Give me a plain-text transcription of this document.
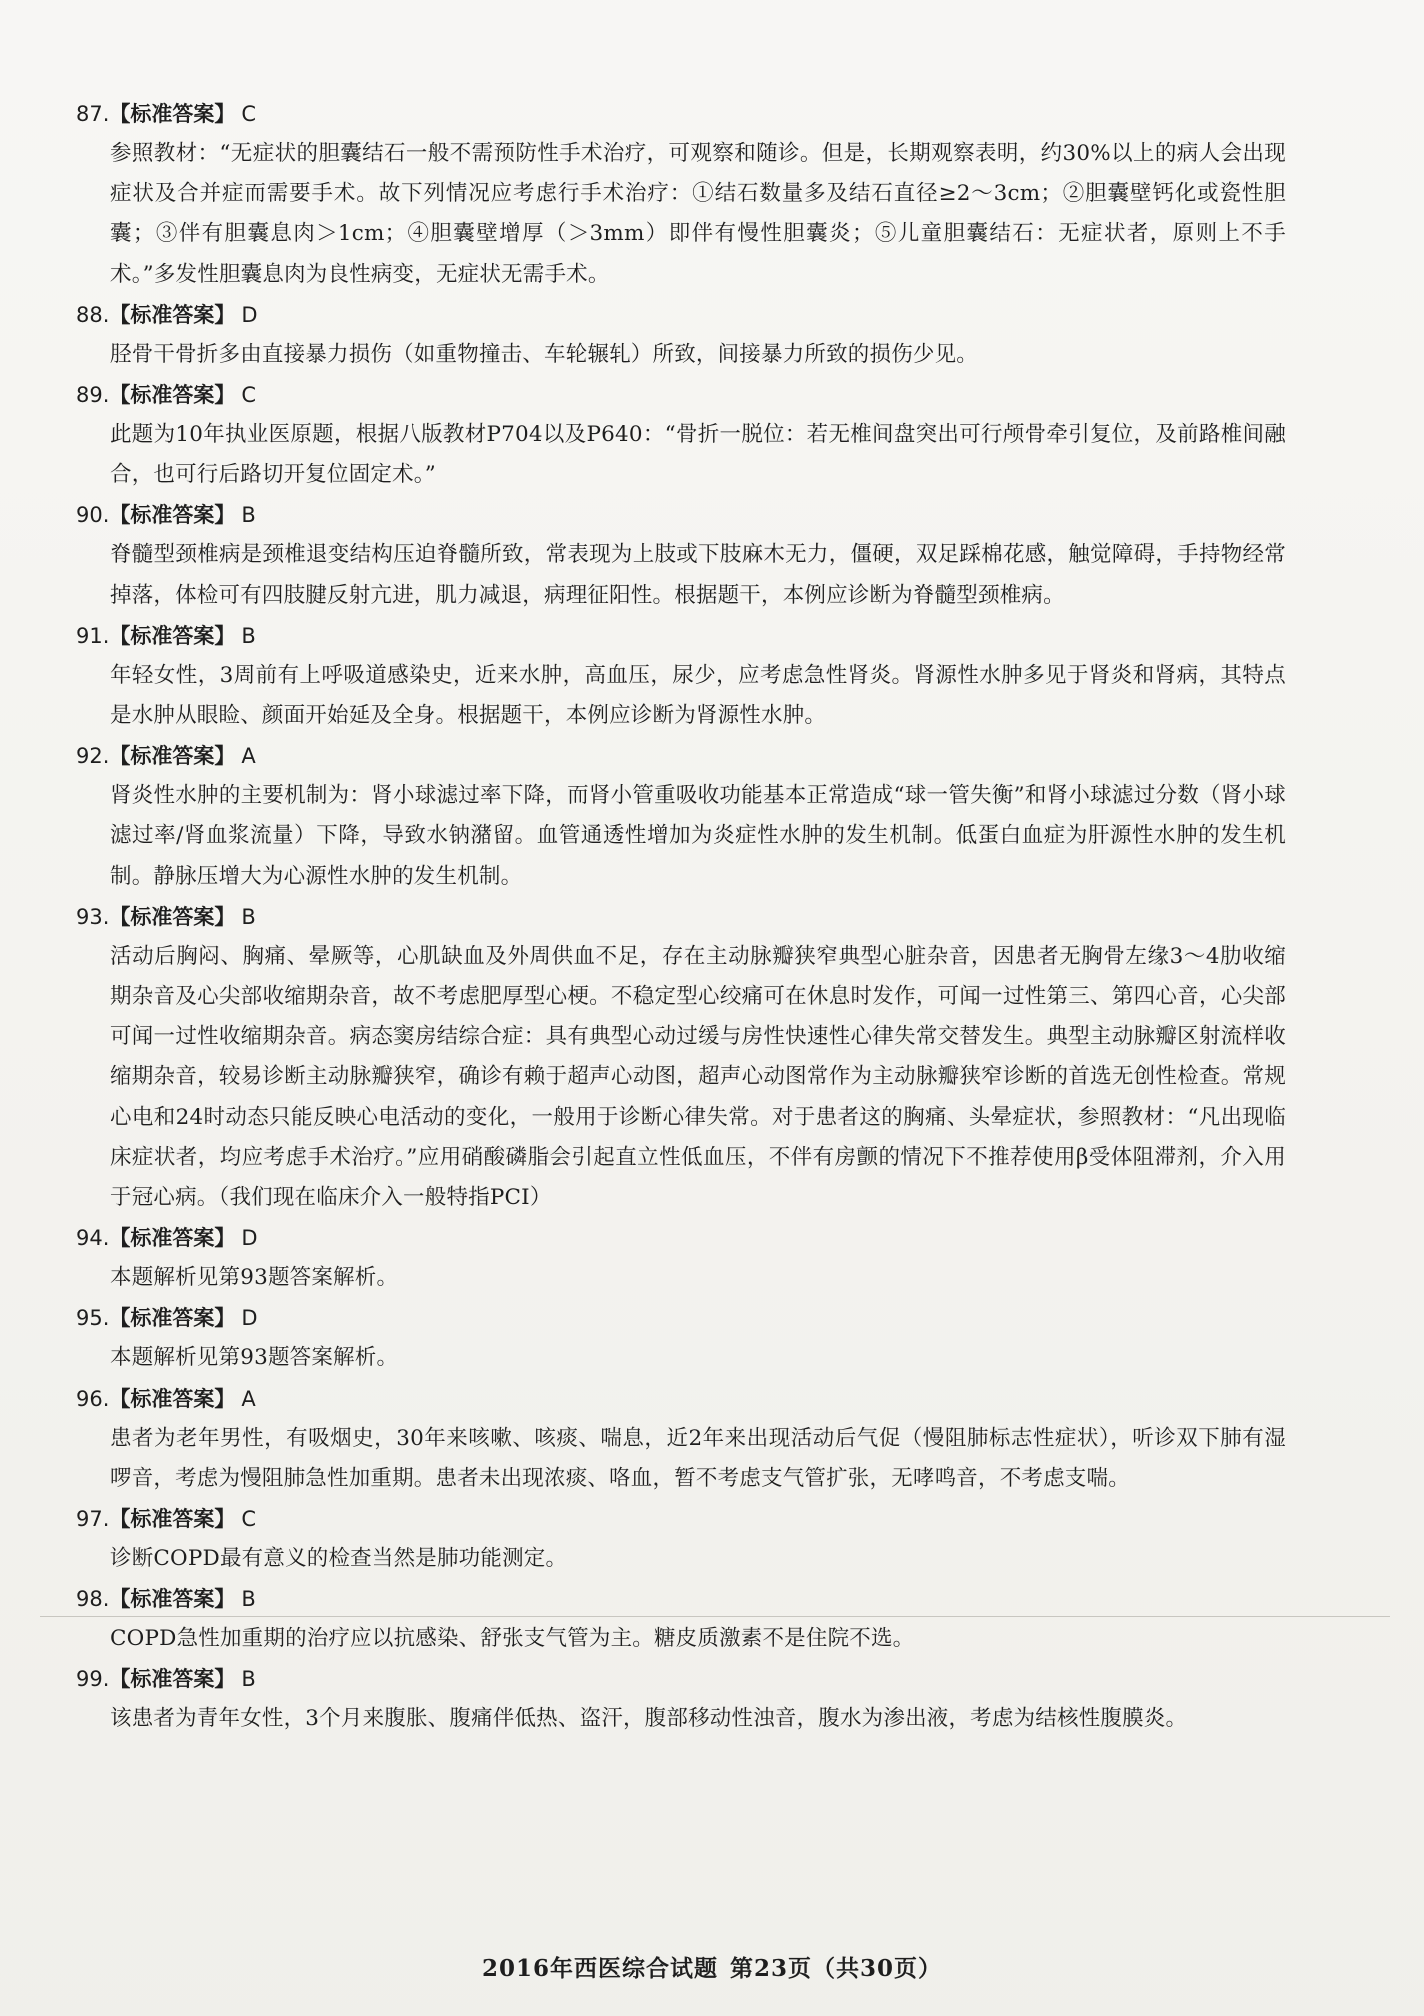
87.【标准答案】 C
参照教材：“无症状的胆囊结石一般不需预防性手术治疗，可观察和随诊。但是，长期观察表明，约30%以上的病人会出现症状及合并症而需要手术。故下列情况应考虑行手术治疗：①结石数量多及结石直径≥2～3cm；②胆囊壁钙化或瓷性胆囊；③伴有胆囊息肉＞1cm；④胆囊壁增厚（＞3mm）即伴有慢性胆囊炎；⑤儿童胆囊结石：无症状者，原则上不手术。”多发性胆囊息肉为良性病变，无症状无需手术。
88.【标准答案】 D
胫骨干骨折多由直接暴力损伤（如重物撞击、车轮辗轧）所致，间接暴力所致的损伤少见。
89.【标准答案】 C
此题为10年执业医原题，根据八版教材P704以及P640：“骨折一脱位：若无椎间盘突出可行颅骨牵引复位，及前路椎间融合，也可行后路切开复位固定术。”
90.【标准答案】 B
脊髓型颈椎病是颈椎退变结构压迫脊髓所致，常表现为上肢或下肢麻木无力，僵硬，双足踩棉花感，触觉障碍，手持物经常掉落，体检可有四肢腱反射亢进，肌力减退，病理征阳性。根据题干，本例应诊断为脊髓型颈椎病。
91.【标准答案】 B
年轻女性，3周前有上呼吸道感染史，近来水肿，高血压，尿少，应考虑急性肾炎。肾源性水肿多见于肾炎和肾病，其特点是水肿从眼睑、颜面开始延及全身。根据题干，本例应诊断为肾源性水肿。
92.【标准答案】 A
肾炎性水肿的主要机制为：肾小球滤过率下降，而肾小管重吸收功能基本正常造成“球一管失衡”和肾小球滤过分数（肾小球滤过率/肾血浆流量）下降，导致水钠潴留。血管通透性增加为炎症性水肿的发生机制。低蛋白血症为肝源性水肿的发生机制。静脉压增大为心源性水肿的发生机制。
93.【标准答案】 B
活动后胸闷、胸痛、晕厥等，心肌缺血及外周供血不足，存在主动脉瓣狭窄典型心脏杂音，因患者无胸骨左缘3～4肋收缩期杂音及心尖部收缩期杂音，故不考虑肥厚型心梗。不稳定型心绞痛可在休息时发作，可闻一过性第三、第四心音，心尖部可闻一过性收缩期杂音。病态窦房结综合症：具有典型心动过缓与房性快速性心律失常交替发生。典型主动脉瓣区射流样收缩期杂音，较易诊断主动脉瓣狭窄，确诊有赖于超声心动图，超声心动图常作为主动脉瓣狭窄诊断的首选无创性检查。常规心电和24时动态只能反映心电活动的变化，一般用于诊断心律失常。对于患者这的胸痛、头晕症状，参照教材：“凡出现临床症状者，均应考虑手术治疗。”应用硝酸磷脂会引起直立性低血压，不伴有房颤的情况下不推荐使用β受体阻滞剂，介入用于冠心病。（我们现在临床介入一般特指PCI）
94.【标准答案】 D
本题解析见第93题答案解析。
95.【标准答案】 D
本题解析见第93题答案解析。
96.【标准答案】 A
患者为老年男性，有吸烟史，30年来咳嗽、咳痰、喘息，近2年来出现活动后气促（慢阻肺标志性症状），听诊双下肺有湿啰音，考虑为慢阻肺急性加重期。患者未出现浓痰、咯血，暂不考虑支气管扩张，无哮鸣音，不考虑支喘。
97.【标准答案】 C
诊断COPD最有意义的检查当然是肺功能测定。
98.【标准答案】 B
COPD急性加重期的治疗应以抗感染、舒张支气管为主。糖皮质激素不是住院不选。
99.【标准答案】 B
该患者为青年女性，3个月来腹胀、腹痛伴低热、盗汗，腹部移动性浊音，腹水为渗出液，考虑为结核性腹膜炎。
2016年西医综合试题 第23页（共30页）
